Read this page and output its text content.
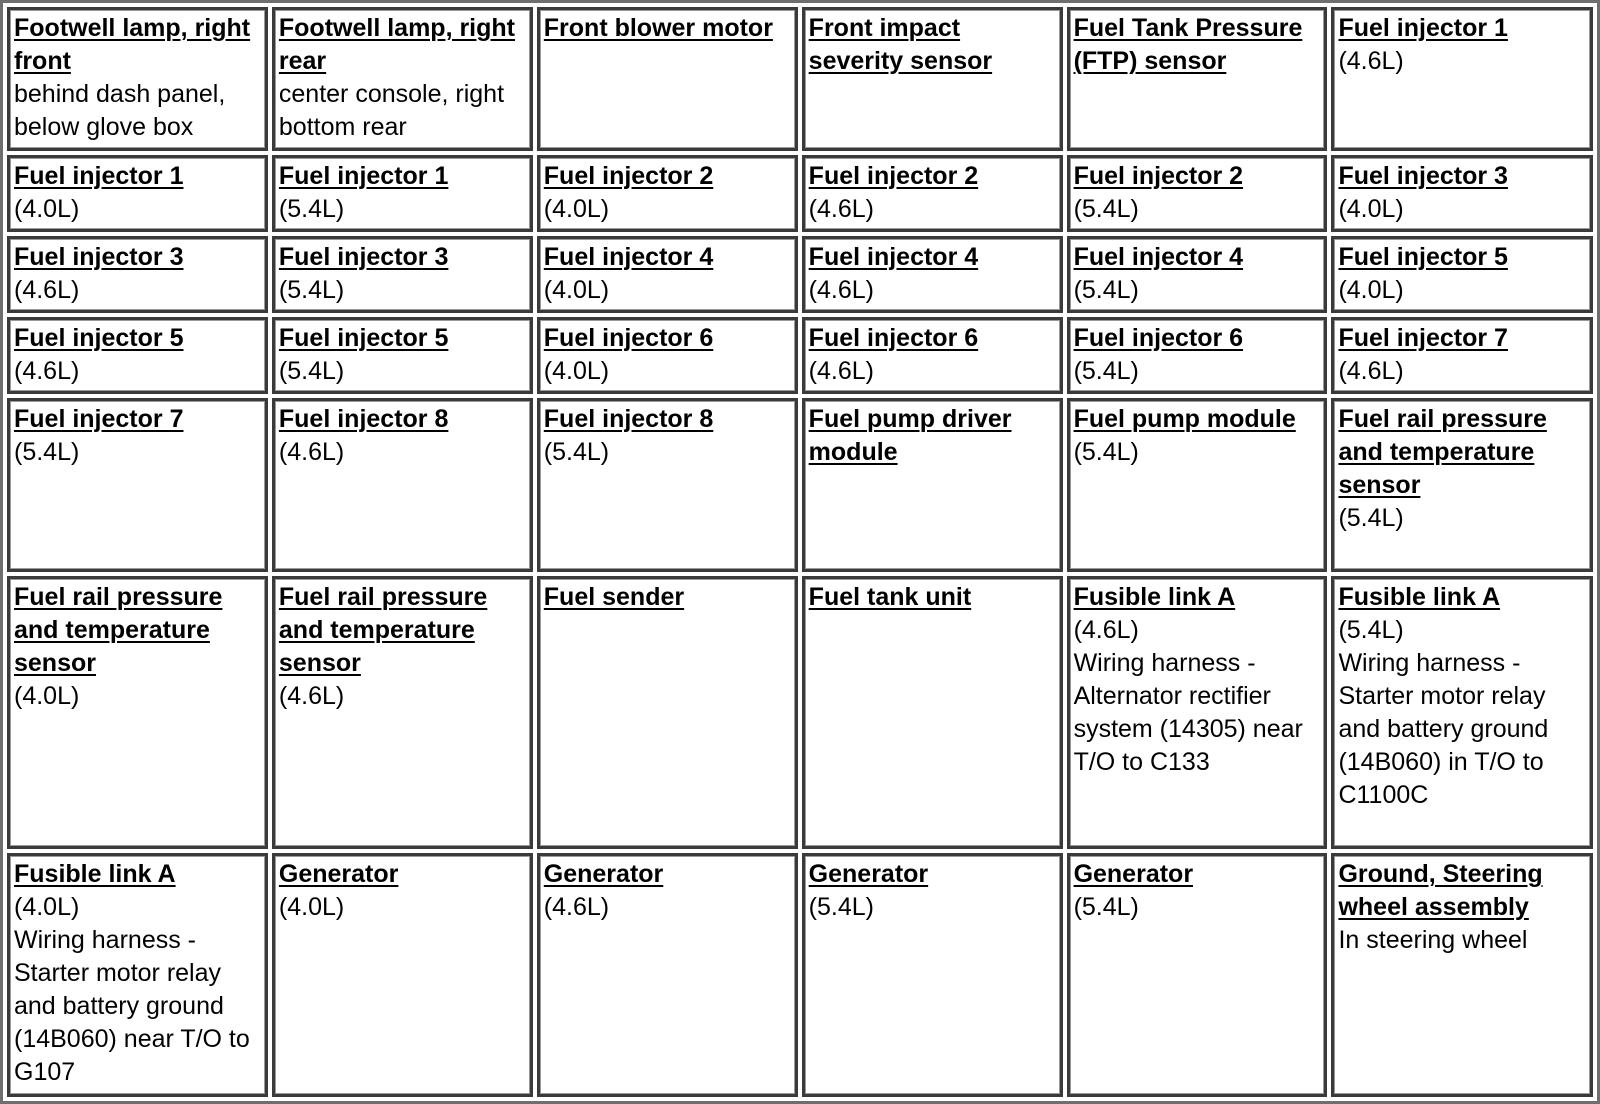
Footwell lamp, right front
behind dash panel, below glove box	Footwell lamp, right rear
center console, right bottom rear	Front blower motor	Front impact severity sensor	Fuel Tank Pressure (FTP) sensor	Fuel injector 1
(4.6L)

Fuel injector 1
(4.0L)	Fuel injector 1
(5.4L)	Fuel injector 2
(4.0L)	Fuel injector 2
(4.6L)	Fuel injector 2
(5.4L)	Fuel injector 3
(4.0L)

Fuel injector 3
(4.6L)	Fuel injector 3
(5.4L)	Fuel injector 4
(4.0L)	Fuel injector 4
(4.6L)	Fuel injector 4
(5.4L)	Fuel injector 5
(4.0L)

Fuel injector 5
(4.6L)	Fuel injector 5
(5.4L)	Fuel injector 6
(4.0L)	Fuel injector 6
(4.6L)	Fuel injector 6
(5.4L)	Fuel injector 7
(4.6L)

Fuel injector 7
(5.4L)	Fuel injector 8
(4.6L)	Fuel injector 8
(5.4L)	Fuel pump driver module	Fuel pump module
(5.4L)	Fuel rail pressure and temperature sensor
(5.4L)

Fuel rail pressure and temperature sensor
(4.0L)	Fuel rail pressure and temperature sensor
(4.6L)	Fuel sender	Fuel tank unit	Fusible link A
(4.6L)
Wiring harness - Alternator rectifier system (14305) near T/O to C133	Fusible link A
(5.4L)
Wiring harness - Starter motor relay and battery ground (14B060) in T/O to C1100C

Fusible link A
(4.0L)
Wiring harness - Starter motor relay and battery ground (14B060) near T/O to G107	Generator
(4.0L)	Generator
(4.6L)	Generator
(5.4L)	Generator
(5.4L)	Ground, Steering wheel assembly
In steering wheel
